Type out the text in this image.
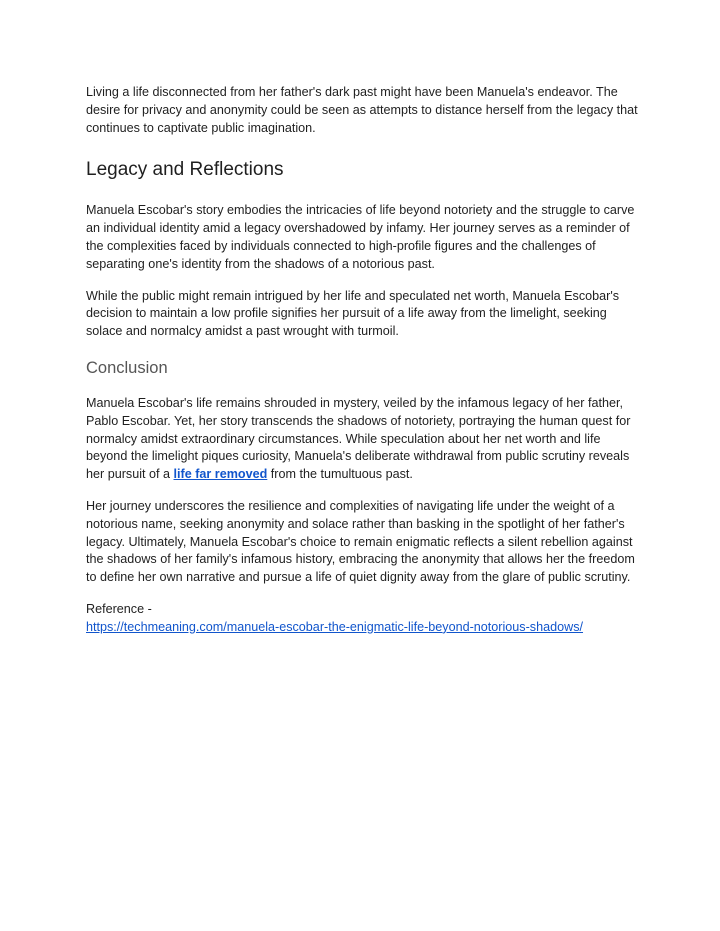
Living a life disconnected from her father's dark past might have been Manuela's endeavor. The desire for privacy and anonymity could be seen as attempts to distance herself from the legacy that continues to captivate public imagination.

Legacy and Reflections

Manuela Escobar's story embodies the intricacies of life beyond notoriety and the struggle to carve an individual identity amid a legacy overshadowed by infamy. Her journey serves as a reminder of the complexities faced by individuals connected to high-profile figures and the challenges of separating one's identity from the shadows of a notorious past.

While the public might remain intrigued by her life and speculated net worth, Manuela Escobar's decision to maintain a low profile signifies her pursuit of a life away from the limelight, seeking solace and normalcy amidst a past wrought with turmoil.

Conclusion

Manuela Escobar's life remains shrouded in mystery, veiled by the infamous legacy of her father, Pablo Escobar. Yet, her story transcends the shadows of notoriety, portraying the human quest for normalcy amidst extraordinary circumstances. While speculation about her net worth and life beyond the limelight piques curiosity, Manuela's deliberate withdrawal from public scrutiny reveals her pursuit of a life far removed from the tumultuous past.

Her journey underscores the resilience and complexities of navigating life under the weight of a notorious name, seeking anonymity and solace rather than basking in the spotlight of her father's legacy. Ultimately, Manuela Escobar's choice to remain enigmatic reflects a silent rebellion against the shadows of her family's infamous history, embracing the anonymity that allows her the freedom to define her own narrative and pursue a life of quiet dignity away from the glare of public scrutiny.

Reference -
https://techmeaning.com/manuela-escobar-the-enigmatic-life-beyond-notorious-shadows/
